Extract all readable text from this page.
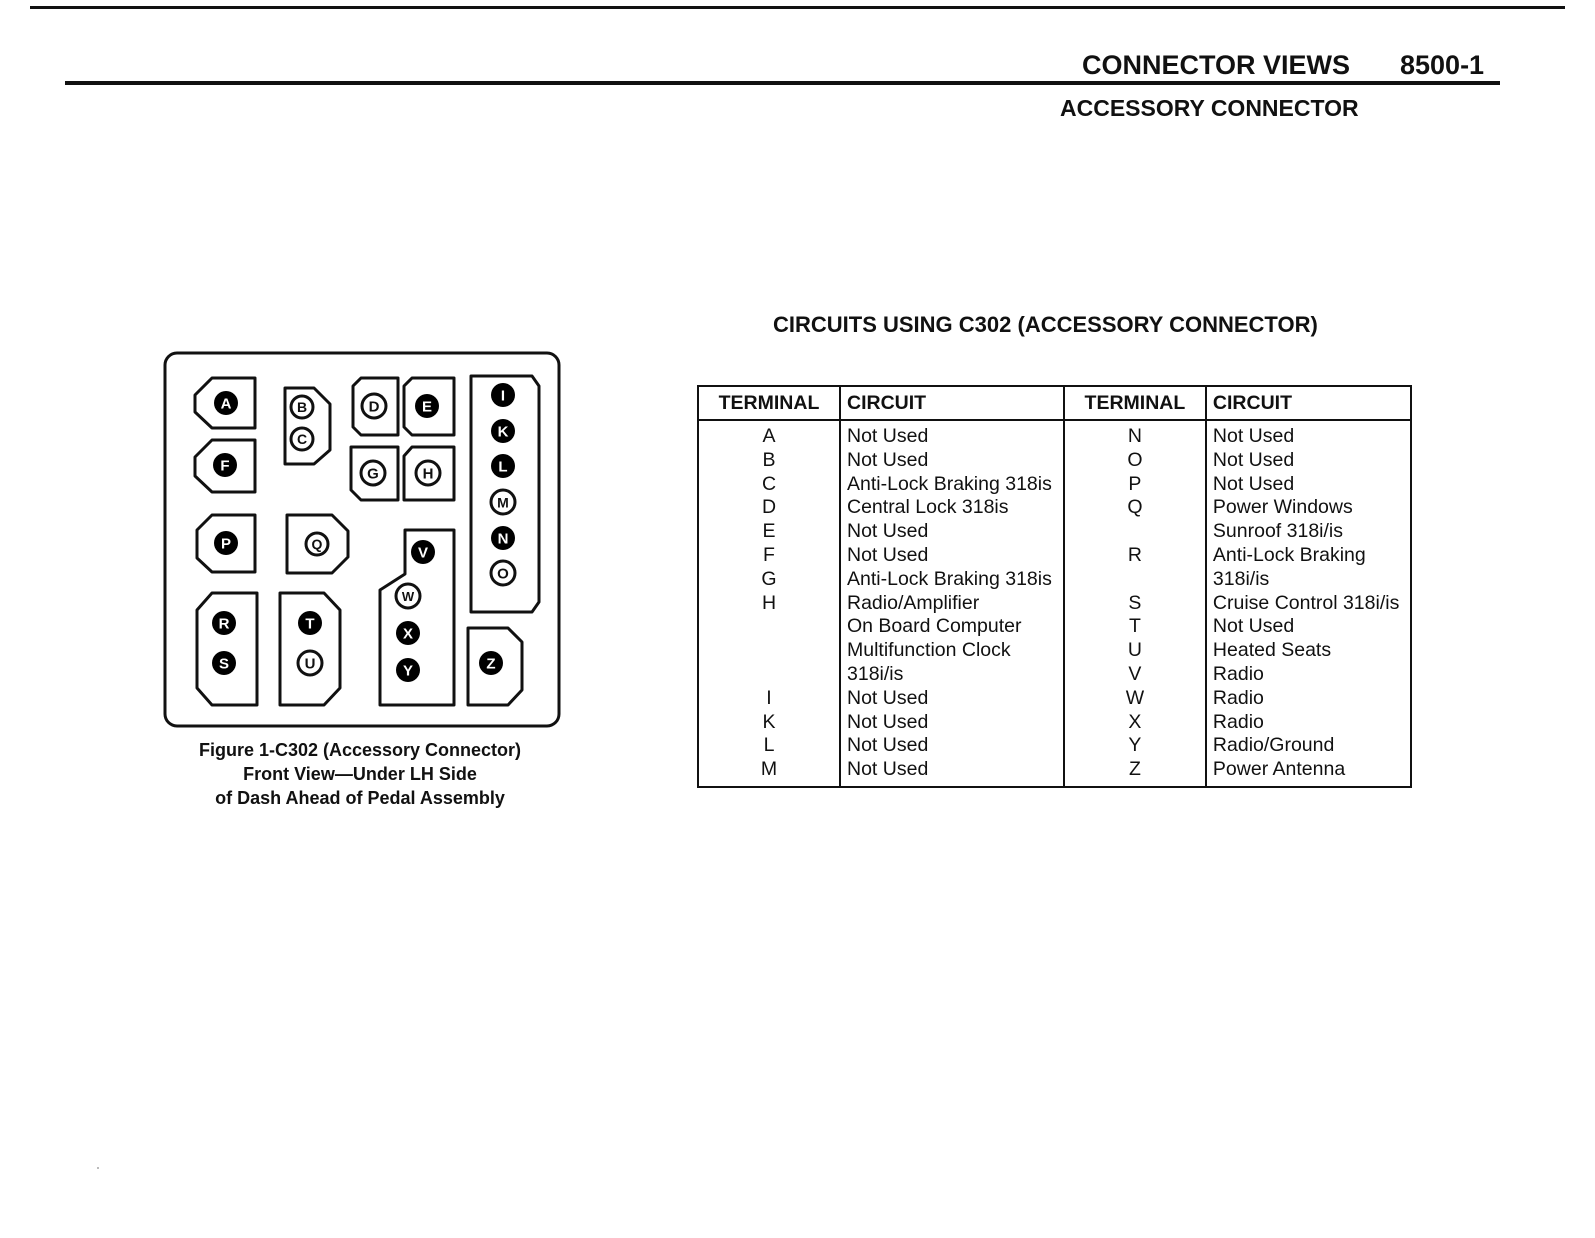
CONNECTOR VIEWS 8500-1
ACCESSORY CONNECTOR
CIRCUITS USING C302 (ACCESSORY CONNECTOR)
A
F
B
C
D	E
G	H
I
K
L
M
N
O
P	Q
V
W
X
Y
R
S
T
U	Z
Figure 1-C302 (Accessory Connector)
Front View—Under LH Side
of Dash Ahead of Pedal Assembly
TERMINAL	CIRCUIT	TERMINAL	CIRCUIT
A	Not Used	N	Not Used
B	Not Used	O	Not Used
C	Anti-Lock Braking 318is	P	Not Used
D	Central Lock 318is	Q	Power Windows
E	Not Used		Sunroof 318i/is
F	Not Used	R	Anti-Lock Braking
G	Anti-Lock Braking 318is		318i/is
H	Radio/Amplifier	S	Cruise Control 318i/is
	On Board Computer	T	Not Used
	Multifunction Clock	U	Heated Seats
	318i/is	V	Radio
I	Not Used	W	Radio
K	Not Used	X	Radio
L	Not Used	Y	Radio/Ground
M	Not Used	Z	Power Antenna
